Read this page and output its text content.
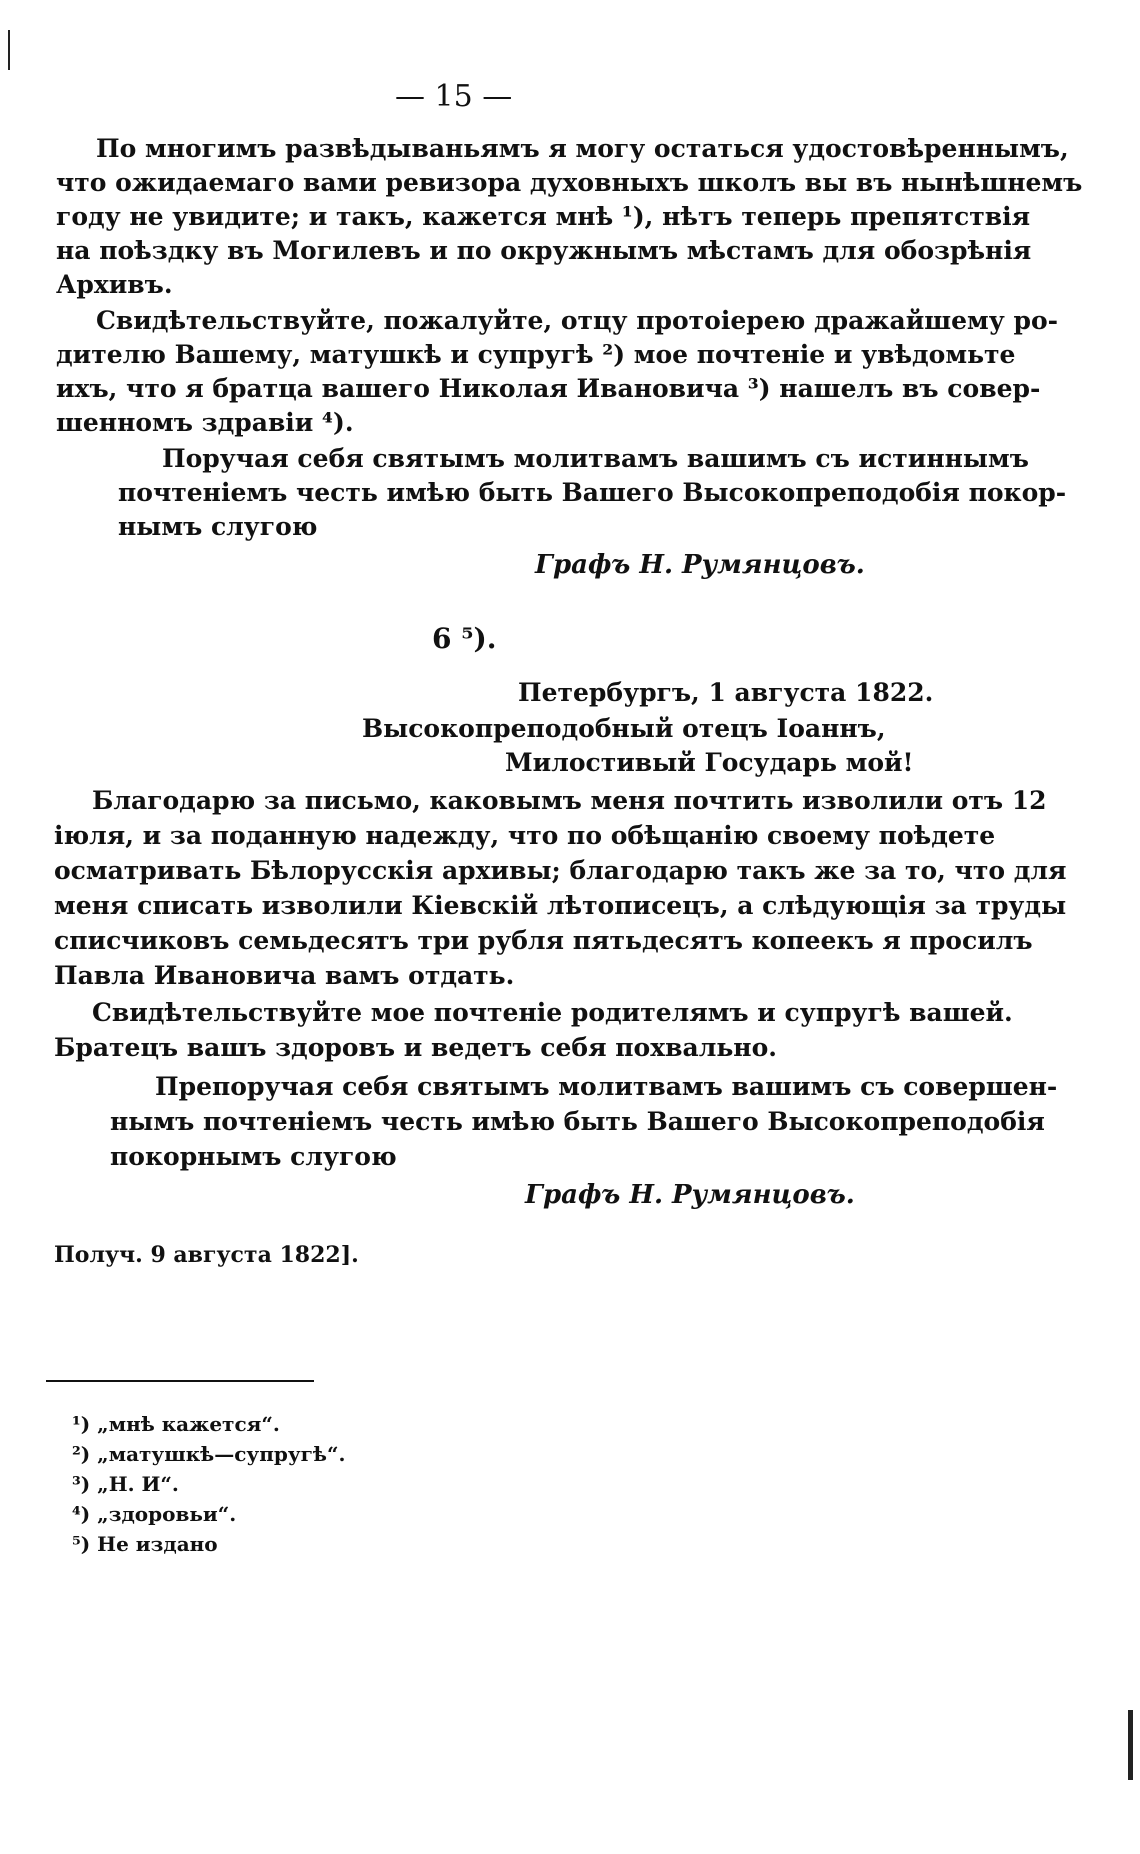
— 15 —
По многимъ развѣдываньямъ я могу остаться удостовѣреннымъ,
что ожидаемаго вами ревизора духовныхъ школъ вы въ нынѣшнемъ
году не увидите; и такъ, кажется мнѣ ¹), нѣтъ теперь препятствія
на поѣздку въ Могилевъ и по окружнымъ мѣстамъ для обозрѣнія
Архивъ.
Свидѣтельствуйте, пожалуйте, отцу протоіерею дражайшему ро-
дителю Вашему, матушкѣ и супругѣ ²) мое почтеніе и увѣдомьте
ихъ, что я братца вашего Николая Ивановича ³) нашелъ въ совер-
шенномъ здравіи ⁴).
Поручая себя святымъ молитвамъ вашимъ съ истиннымъ
почтеніемъ честь имѣю быть Вашего Высокопреподобія покор-
нымъ слугою
Графъ Н. Румянцовъ.
6 ⁵).
Петербургъ, 1 августа 1822.
Высокопреподобный отецъ Іоаннъ,
Милостивый Государь мой!
Благодарю за письмо, каковымъ меня почтить изволили отъ 12
іюля, и за поданную надежду, что по обѣщанію своему поѣдете
осматривать Бѣлорусскія архивы; благодарю такъ же за то, что для
меня списать изволили Кіевскій лѣтописецъ, а слѣдующія за труды
списчиковъ семьдесятъ три рубля пятьдесятъ копеекъ я просилъ
Павла Ивановича вамъ отдать.
Свидѣтельствуйте мое почтеніе родителямъ и супругѣ вашей.
Братецъ вашъ здоровъ и ведетъ себя похвально.
Препоручая себя святымъ молитвамъ вашимъ съ совершен-
нымъ почтеніемъ честь имѣю быть Вашего Высокопреподобія
покорнымъ слугою
Графъ Н. Румянцовъ.
Получ. 9 августа 1822].
¹) „мнѣ кажется“.
²) „матушкѣ—супругѣ“.
³) „Н. И“.
⁴) „здоровьи“.
⁵) Не издано
